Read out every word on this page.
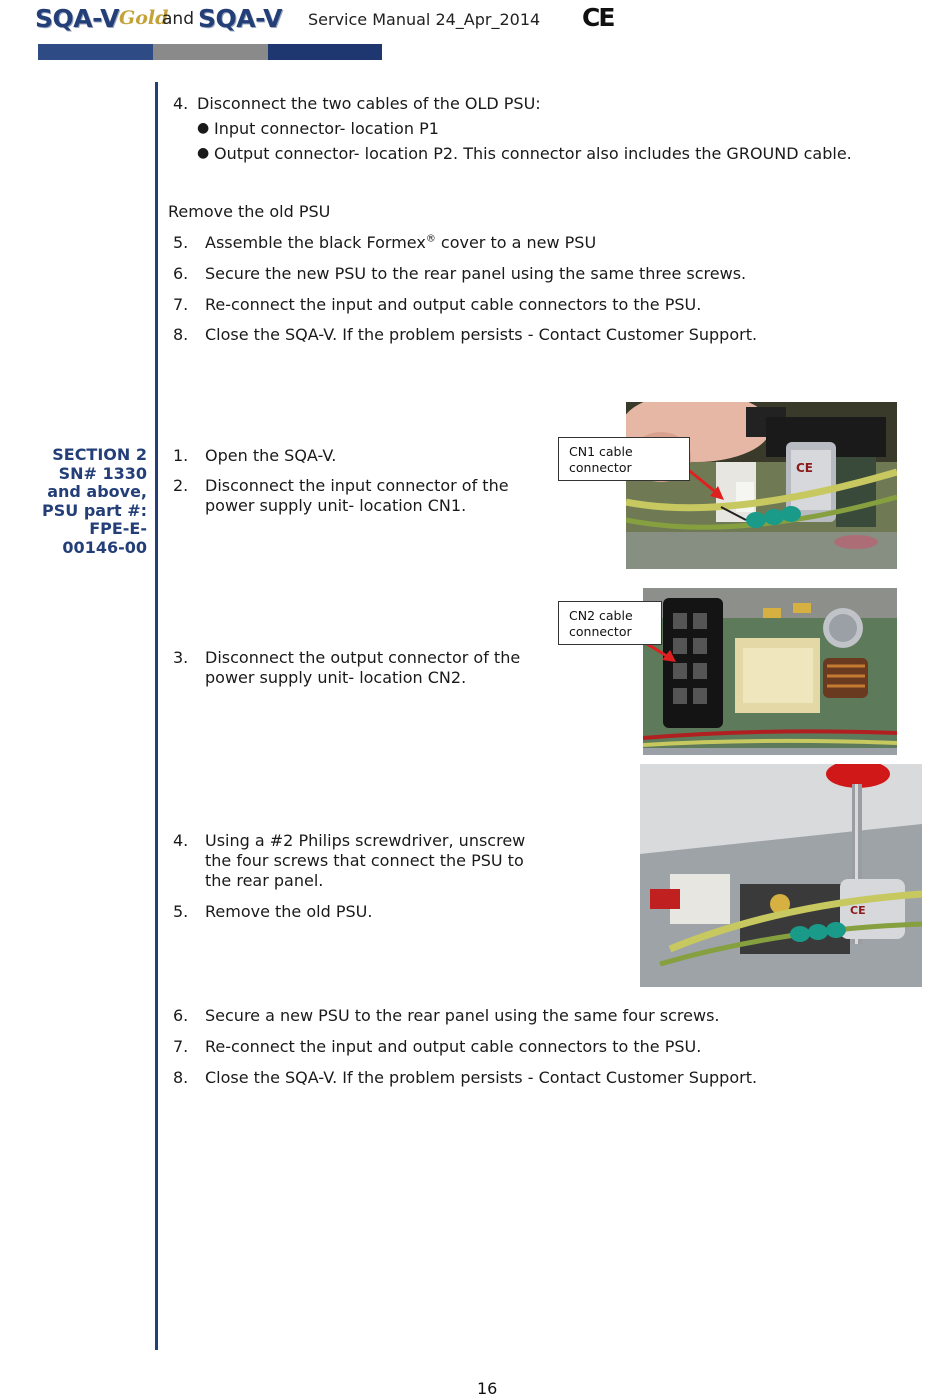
SQA-V Gold
and SQA-V Service Manual 24_Apr_2014 CE
4. Disconnect the two cables of the OLD PSU:
● Input connector- location P1
● Output connector- location P2. This connector also includes the GROUND cable.
Remove the old PSU
5. Assemble the black Formex® cover to a new PSU
6. Secure the new PSU to the rear panel using the same three screws.
7. Re-connect the input and output cable connectors to the PSU.
8. Close the SQA-V. If the problem persists - Contact Customer Support.
SECTION 2
SN# 1330
and above,
PSU part #:
FPE-E-
00146-00
1. Open the SQA-V.
2. Disconnect the input connector of the
power supply unit- location CN1.
3. Disconnect the output connector of the
power supply unit- location CN2.
4. Using a #2 Philips screwdriver, unscrew
the four screws that connect the PSU to
the rear panel.
5. Remove the old PSU.
6. Secure a new PSU to the rear panel using the same four screws.
7. Re-connect the input and output cable connectors to the PSU.
8. Close the SQA-V. If the problem persists - Contact Customer Support.
CE
CN1 cable
connector
CN2 cable
connector
CE
16
